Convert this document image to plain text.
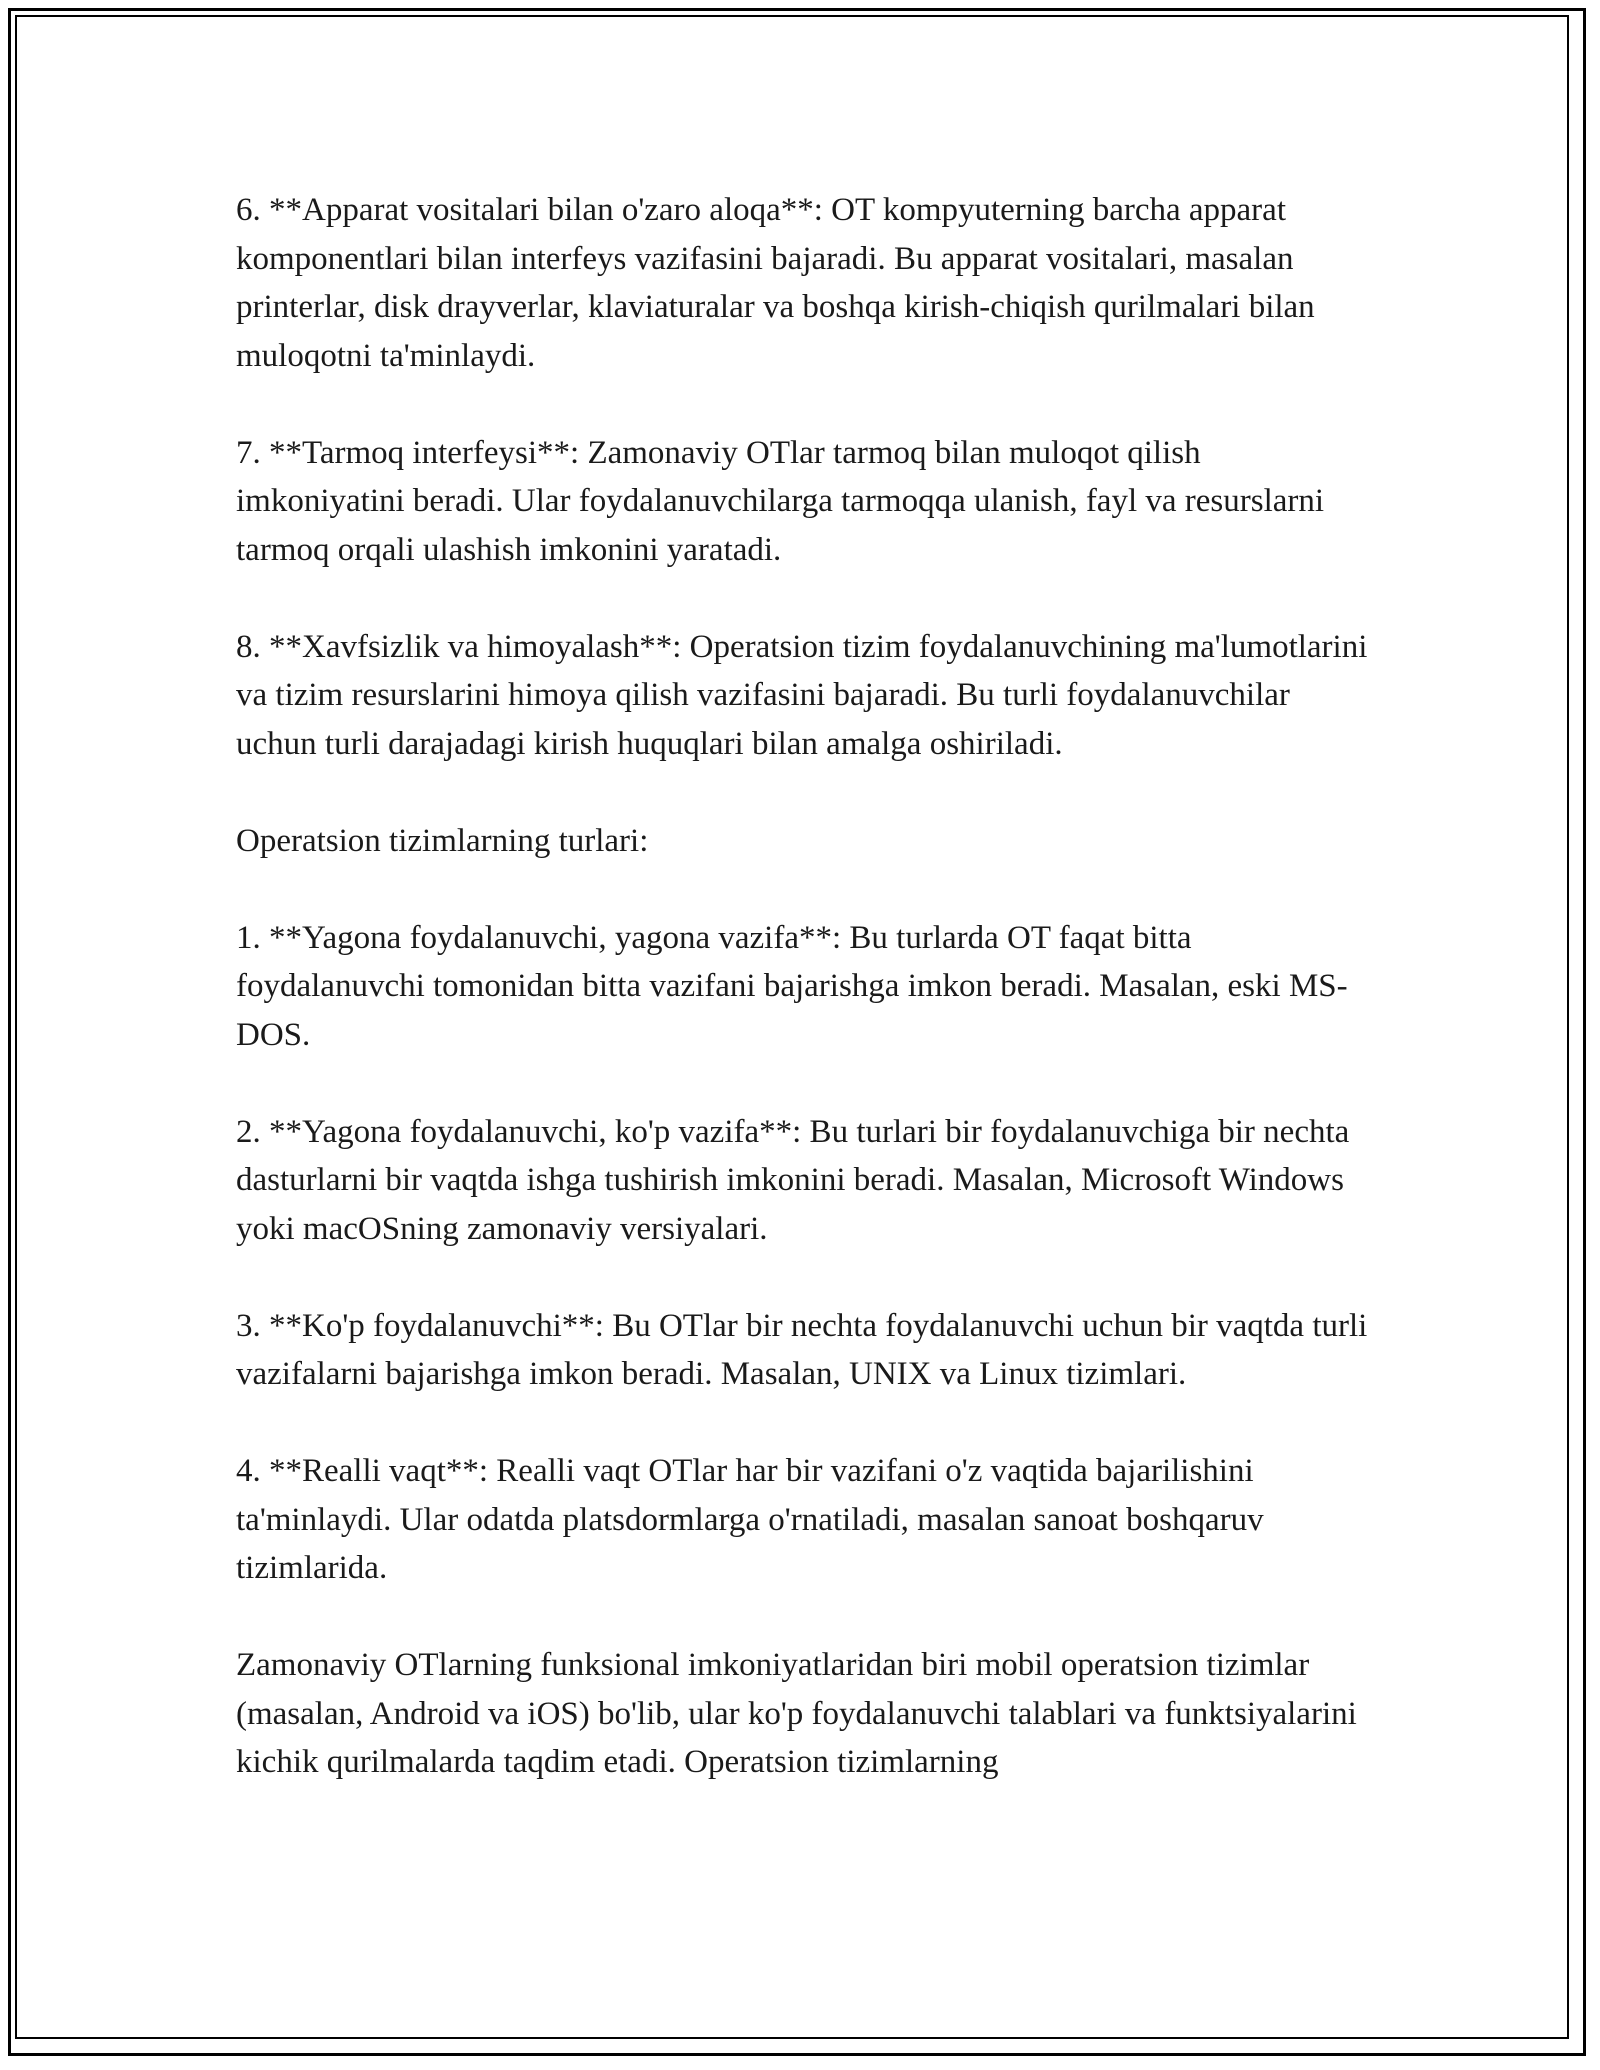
6. **Apparat vositalari bilan o'zaro aloqa**: OT kompyuterning barcha apparat komponentlari bilan interfeys vazifasini bajaradi. Bu apparat vositalari, masalan printerlar, disk drayverlar, klaviaturalar va boshqa kirish-chiqish qurilmalari bilan muloqotni ta'minlaydi.

7. **Tarmoq interfeysi**: Zamonaviy OTlar tarmoq bilan muloqot qilish imkoniyatini beradi. Ular foydalanuvchilarga tarmoqqa ulanish, fayl va resurslarni tarmoq orqali ulashish imkonini yaratadi.

8. **Xavfsizlik va himoyalash**: Operatsion tizim foydalanuvchining ma'lumotlarini va tizim resurslarini himoya qilish vazifasini bajaradi. Bu turli foydalanuvchilar uchun turli darajadagi kirish huquqlari bilan amalga oshiriladi.

Operatsion tizimlarning turlari:

1. **Yagona foydalanuvchi, yagona vazifa**: Bu turlarda OT faqat bitta foydalanuvchi tomonidan bitta vazifani bajarishga imkon beradi. Masalan, eski MS-DOS.

2. **Yagona foydalanuvchi, ko'p vazifa**: Bu turlari bir foydalanuvchiga bir nechta dasturlarni bir vaqtda ishga tushirish imkonini beradi. Masalan, Microsoft Windows yoki macOSning zamonaviy versiyalari.

3. **Ko'p foydalanuvchi**: Bu OTlar bir nechta foydalanuvchi uchun bir vaqtda turli vazifalarni bajarishga imkon beradi. Masalan, UNIX va Linux tizimlari.

4. **Realli vaqt**: Realli vaqt OTlar har bir vazifani o'z vaqtida bajarilishini ta'minlaydi. Ular odatda platsdormlarga o'rnatiladi, masalan sanoat boshqaruv tizimlarida.

Zamonaviy OTlarning funksional imkoniyatlaridan biri mobil operatsion tizimlar (masalan, Android va iOS) bo'lib, ular ko'p foydalanuvchi talablari va funktsiyalarini kichik qurilmalarda taqdim etadi. Operatsion tizimlarning
